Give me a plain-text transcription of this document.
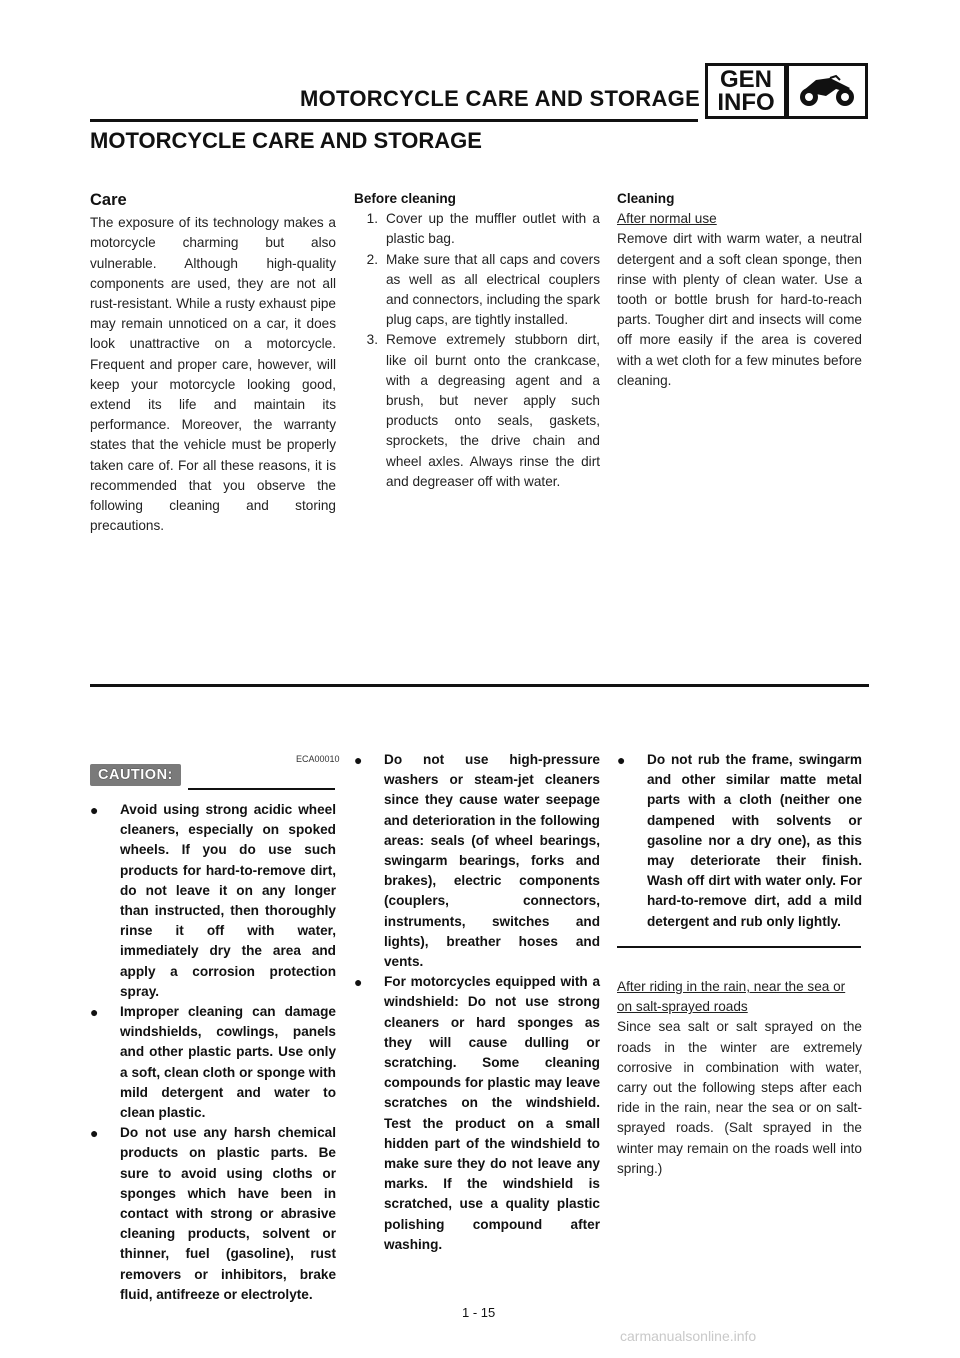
MOTORCYCLE CARE AND STORAGE
GEN
INFO
MOTORCYCLE CARE AND STORAGE
Care

The exposure of its technology makes a motorcycle charming but also vulnerable. Although high-quality components are used, they are not all rust-resistant. While a rusty exhaust pipe may remain unnoticed on a car, it does look unattractive on a motorcycle. Frequent and proper care, however, will keep your motorcycle looking good, extend its life and maintain its performance. Moreover, the warranty states that the vehicle must be properly taken care of. For all these reasons, it is recommended that you observe the following cleaning and storing precautions.

Before cleaning
1. Cover up the muffler outlet with a plastic bag.
2. Make sure that all caps and covers as well as all electrical couplers and connectors, including the spark plug caps, are tightly installed.
3. Remove extremely stubborn dirt, like oil burnt onto the crankcase, with a degreasing agent and a brush, but never apply such products onto seals, gaskets, sprockets, the drive chain and wheel axles. Always rinse the dirt and degreaser off with water.
Cleaning
After normal use

Remove dirt with warm water, a neutral detergent and a soft clean sponge, then rinse with plenty of clean water. Use a tooth or bottle brush for hard-to-reach parts. Tougher dirt and insects will come off more easily if the area is covered with a wet cloth for a few minutes before cleaning.

ECA00010
CAUTION:
●	Avoid using strong acidic wheel cleaners, especially on spoked wheels. If you do use such products for hard-to-remove dirt, do not leave it on any longer than instructed, then thoroughly rinse it off with water, immediately dry the area and apply a corrosion protection spray.
●	Improper cleaning can damage windshields, cowlings, panels and other plastic parts. Use only a soft, clean cloth or sponge with mild detergent and water to clean plastic.
●	Do not use any harsh chemical products on plastic parts. Be sure to avoid using cloths or sponges which have been in contact with strong or abrasive cleaning products, solvent or thinner, fuel (gasoline), rust removers or inhibitors, brake fluid, antifreeze or electrolyte.
●	Do not use high-pressure washers or steam-jet cleaners since they cause water seepage and deterioration in the following areas: seals (of wheel bearings, swingarm bearings, forks and brakes), electric components (couplers, connectors, instruments, switches and lights), breather hoses and vents.
●	For motorcycles equipped with a windshield: Do not use strong cleaners or hard sponges as they will cause dulling or scratching. Some cleaning compounds for plastic may leave scratches on the windshield. Test the product on a small hidden part of the windshield to make sure they do not leave any marks. If the windshield is scratched, use a quality plastic polishing compound after washing.
●	Do not rub the frame, swingarm and other similar matte metal parts with a cloth (neither one dampened with solvents or gasoline nor a dry one), as this may deteriorate their finish. Wash off dirt with water only. For hard-to-remove dirt, add a mild detergent and rub only lightly.
After riding in the rain, near the sea or on salt-sprayed roads

Since sea salt or salt sprayed on the roads in the winter are extremely corrosive in combination with water, carry out the following steps after each ride in the rain, near the sea or on salt-sprayed roads. (Salt sprayed in the winter may remain on the roads well into spring.)

1 - 15
carmanualsonline.info
